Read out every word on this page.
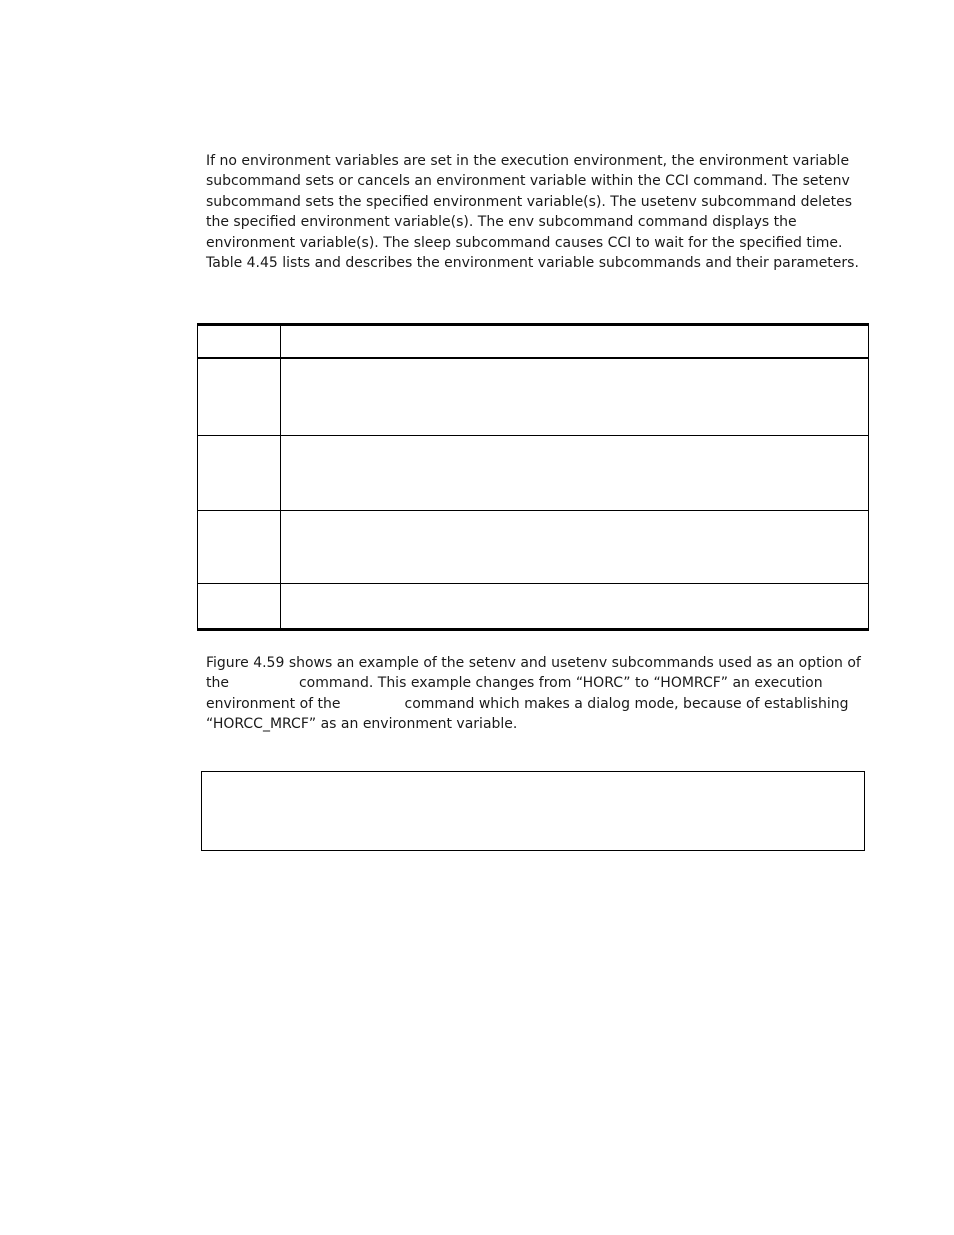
If no environment variables are set in the execution environment, the environment variable
subcommand sets or cancels an environment variable within the CCI command. The setenv
subcommand sets the specified environment variable(s). The usetenv subcommand deletes
the specified environment variable(s). The env subcommand command displays the
environment variable(s). The sleep subcommand causes CCI to wait for the specified time.
Table 4.45 lists and describes the environment variable subcommands and their parameters.
Figure 4.59 shows an example of the setenv and usetenv subcommands used as an option of
the	command. This example changes from “HORC” to “HOMRCF” an execution
environment of the	command which makes a dialog mode, because of establishing
“HORCC_MRCF” as an environment variable.
